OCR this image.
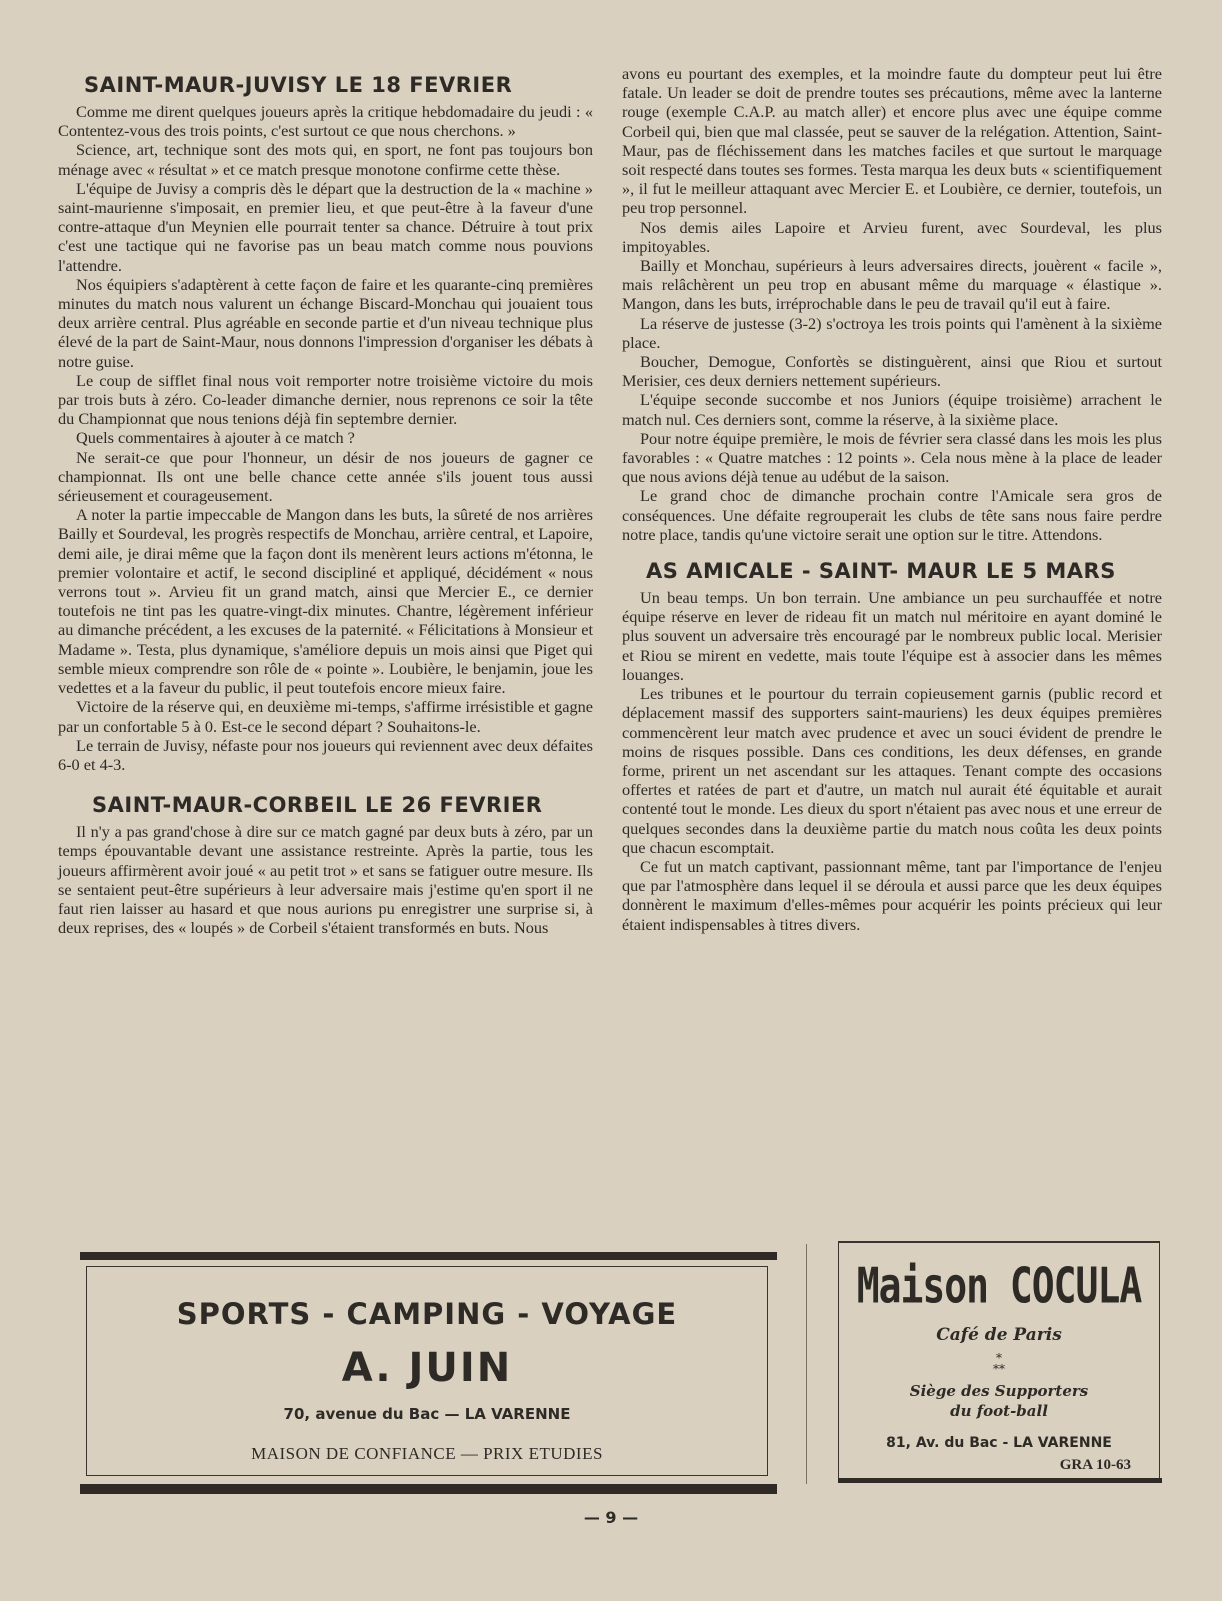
SAINT-MAUR-JUVISY LE 18 FEVRIER

Comme me dirent quelques joueurs après la critique hebdomadaire du jeudi : « Contentez-vous des trois points, c'est surtout ce que nous cherchons. »

Science, art, technique sont des mots qui, en sport, ne font pas toujours bon ménage avec « résultat » et ce match presque monotone confirme cette thèse.

L'équipe de Juvisy a compris dès le départ que la destruction de la « machine » saint-maurienne s'imposait, en premier lieu, et que peut-être à la faveur d'une contre-attaque d'un Meynien elle pourrait tenter sa chance. Détruire à tout prix c'est une tactique qui ne favorise pas un beau match comme nous pouvions l'attendre.

Nos équipiers s'adaptèrent à cette façon de faire et les quarante-cinq premières minutes du match nous valurent un échange Biscard-Monchau qui jouaient tous deux arrière central. Plus agréable en seconde partie et d'un niveau technique plus élevé de la part de Saint-Maur, nous donnons l'impression d'organiser les débats à notre guise.

Le coup de sifflet final nous voit remporter notre troisième victoire du mois par trois buts à zéro. Co-leader dimanche dernier, nous reprenons ce soir la tête du Championnat que nous tenions déjà fin septembre dernier.

Quels commentaires à ajouter à ce match ?

Ne serait-ce que pour l'honneur, un désir de nos joueurs de gagner ce championnat. Ils ont une belle chance cette année s'ils jouent tous aussi sérieusement et courageusement.

A noter la partie impeccable de Mangon dans les buts, la sûreté de nos arrières Bailly et Sourdeval, les progrès respectifs de Monchau, arrière central, et Lapoire, demi aile, je dirai même que la façon dont ils menèrent leurs actions m'étonna, le premier volontaire et actif, le second discipliné et appliqué, décidément « nous verrons tout ». Arvieu fit un grand match, ainsi que Mercier E., ce dernier toutefois ne tint pas les quatre-vingt-dix minutes. Chantre, légèrement inférieur au dimanche précédent, a les excuses de la paternité. « Félicitations à Monsieur et Madame ». Testa, plus dynamique, s'améliore depuis un mois ainsi que Piget qui semble mieux comprendre son rôle de « pointe ». Loubière, le benjamin, joue les vedettes et a la faveur du public, il peut toutefois encore mieux faire.

Victoire de la réserve qui, en deuxième mi-temps, s'affirme irrésistible et gagne par un confortable 5 à 0. Est-ce le second départ ? Souhaitons-le.

Le terrain de Juvisy, néfaste pour nos joueurs qui reviennent avec deux défaites 6-0 et 4-3.

SAINT-MAUR-CORBEIL LE 26 FEVRIER

Il n'y a pas grand'chose à dire sur ce match gagné par deux buts à zéro, par un temps épouvantable devant une assistance restreinte. Après la partie, tous les joueurs affirmèrent avoir joué « au petit trot » et sans se fatiguer outre mesure. Ils se sentaient peut-être supérieurs à leur adversaire mais j'estime qu'en sport il ne faut rien laisser au hasard et que nous aurions pu enregistrer une surprise si, à deux reprises, des « loupés » de Corbeil s'étaient transformés en buts. Nous

avons eu pourtant des exemples, et la moindre faute du dompteur peut lui être fatale. Un leader se doit de prendre toutes ses précautions, même avec la lanterne rouge (exemple C.A.P. au match aller) et encore plus avec une équipe comme Corbeil qui, bien que mal classée, peut se sauver de la relégation. Attention, Saint-Maur, pas de fléchissement dans les matches faciles et que surtout le marquage soit respecté dans toutes ses formes. Testa marqua les deux buts « scientifiquement », il fut le meilleur attaquant avec Mercier E. et Loubière, ce dernier, toutefois, un peu trop personnel.

Nos demis ailes Lapoire et Arvieu furent, avec Sourdeval, les plus impitoyables.

Bailly et Monchau, supérieurs à leurs adversaires directs, jouèrent « facile », mais relâchèrent un peu trop en abusant même du marquage « élastique ». Mangon, dans les buts, irréprochable dans le peu de travail qu'il eut à faire.

La réserve de justesse (3-2) s'octroya les trois points qui l'amènent à la sixième place.

Boucher, Demogue, Confortès se distinguèrent, ainsi que Riou et surtout Merisier, ces deux derniers nettement supérieurs.

L'équipe seconde succombe et nos Juniors (équipe troisième) arrachent le match nul. Ces derniers sont, comme la réserve, à la sixième place.

Pour notre équipe première, le mois de février sera classé dans les mois les plus favorables : « Quatre matches : 12 points ». Cela nous mène à la place de leader que nous avions déjà tenue au udébut de la saison.

Le grand choc de dimanche prochain contre l'Amicale sera gros de conséquences. Une défaite regrouperait les clubs de tête sans nous faire perdre notre place, tandis qu'une victoire serait une option sur le titre. Attendons.

AS AMICALE - SAINT- MAUR LE 5 MARS

Un beau temps. Un bon terrain. Une ambiance un peu surchauffée et notre équipe réserve en lever de rideau fit un match nul méritoire en ayant dominé le plus souvent un adversaire très encouragé par le nombreux public local. Merisier et Riou se mirent en vedette, mais toute l'équipe est à associer dans les mêmes louanges.

Les tribunes et le pourtour du terrain copieusement garnis (public record et déplacement massif des supporters saint-mauriens) les deux équipes premières commencèrent leur match avec prudence et avec un souci évident de prendre le moins de risques possible. Dans ces conditions, les deux défenses, en grande forme, prirent un net ascendant sur les attaques. Tenant compte des occasions offertes et ratées de part et d'autre, un match nul aurait été équitable et aurait contenté tout le monde. Les dieux du sport n'étaient pas avec nous et une erreur de quelques secondes dans la deuxième partie du match nous coûta les deux points que chacun escomptait.

Ce fut un match captivant, passionnant même, tant par l'importance de l'enjeu que par l'atmosphère dans lequel il se déroula et aussi parce que les deux équipes donnèrent le maximum d'elles-mêmes pour acquérir les points précieux qui leur étaient indispensables à titres divers.

SPORTS - CAMPING - VOYAGE
A. JUIN
70, avenue du Bac — LA VARENNE
MAISON DE CONFIANCE — PRIX ETUDIES
Maison COCULA
Café de Paris
*
**
Siège des Supporters
du foot-ball
81, Av. du Bac - LA VARENNE
GRA 10-63
— 9 —
